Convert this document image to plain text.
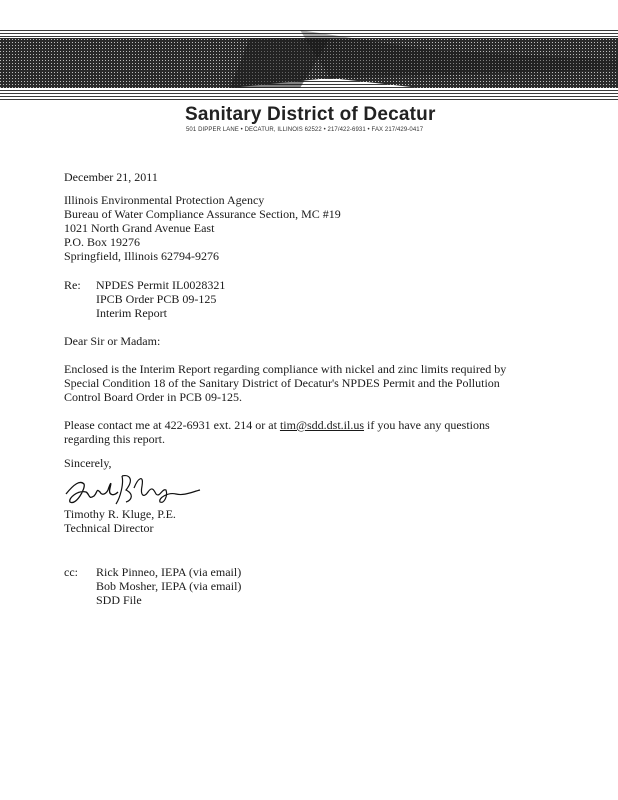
Sanitary District of Decatur
501 DIPPER LANE • DECATUR, ILLINOIS 62522 • 217/422-6931 • FAX 217/429-0417
December 21, 2011
Illinois Environmental Protection Agency
Bureau of Water Compliance Assurance Section, MC #19
1021 North Grand Avenue East
P.O. Box 19276
Springfield, Illinois 62794-9276
Re: NPDES Permit IL0028321
IPCB Order PCB 09-125
Interim Report
Dear Sir or Madam:
Enclosed is the Interim Report regarding compliance with nickel and zinc limits required by
Special Condition 18 of the Sanitary District of Decatur's NPDES Permit and the Pollution
Control Board Order in PCB 09-125.
Please contact me at 422-6931 ext. 214 or at tim@sdd.dst.il.us if you have any questions
regarding this report.
Sincerely,
Timothy R. Kluge, P.E.
Technical Director
cc: Rick Pinneo, IEPA (via email)
Bob Mosher, IEPA (via email)
SDD File
